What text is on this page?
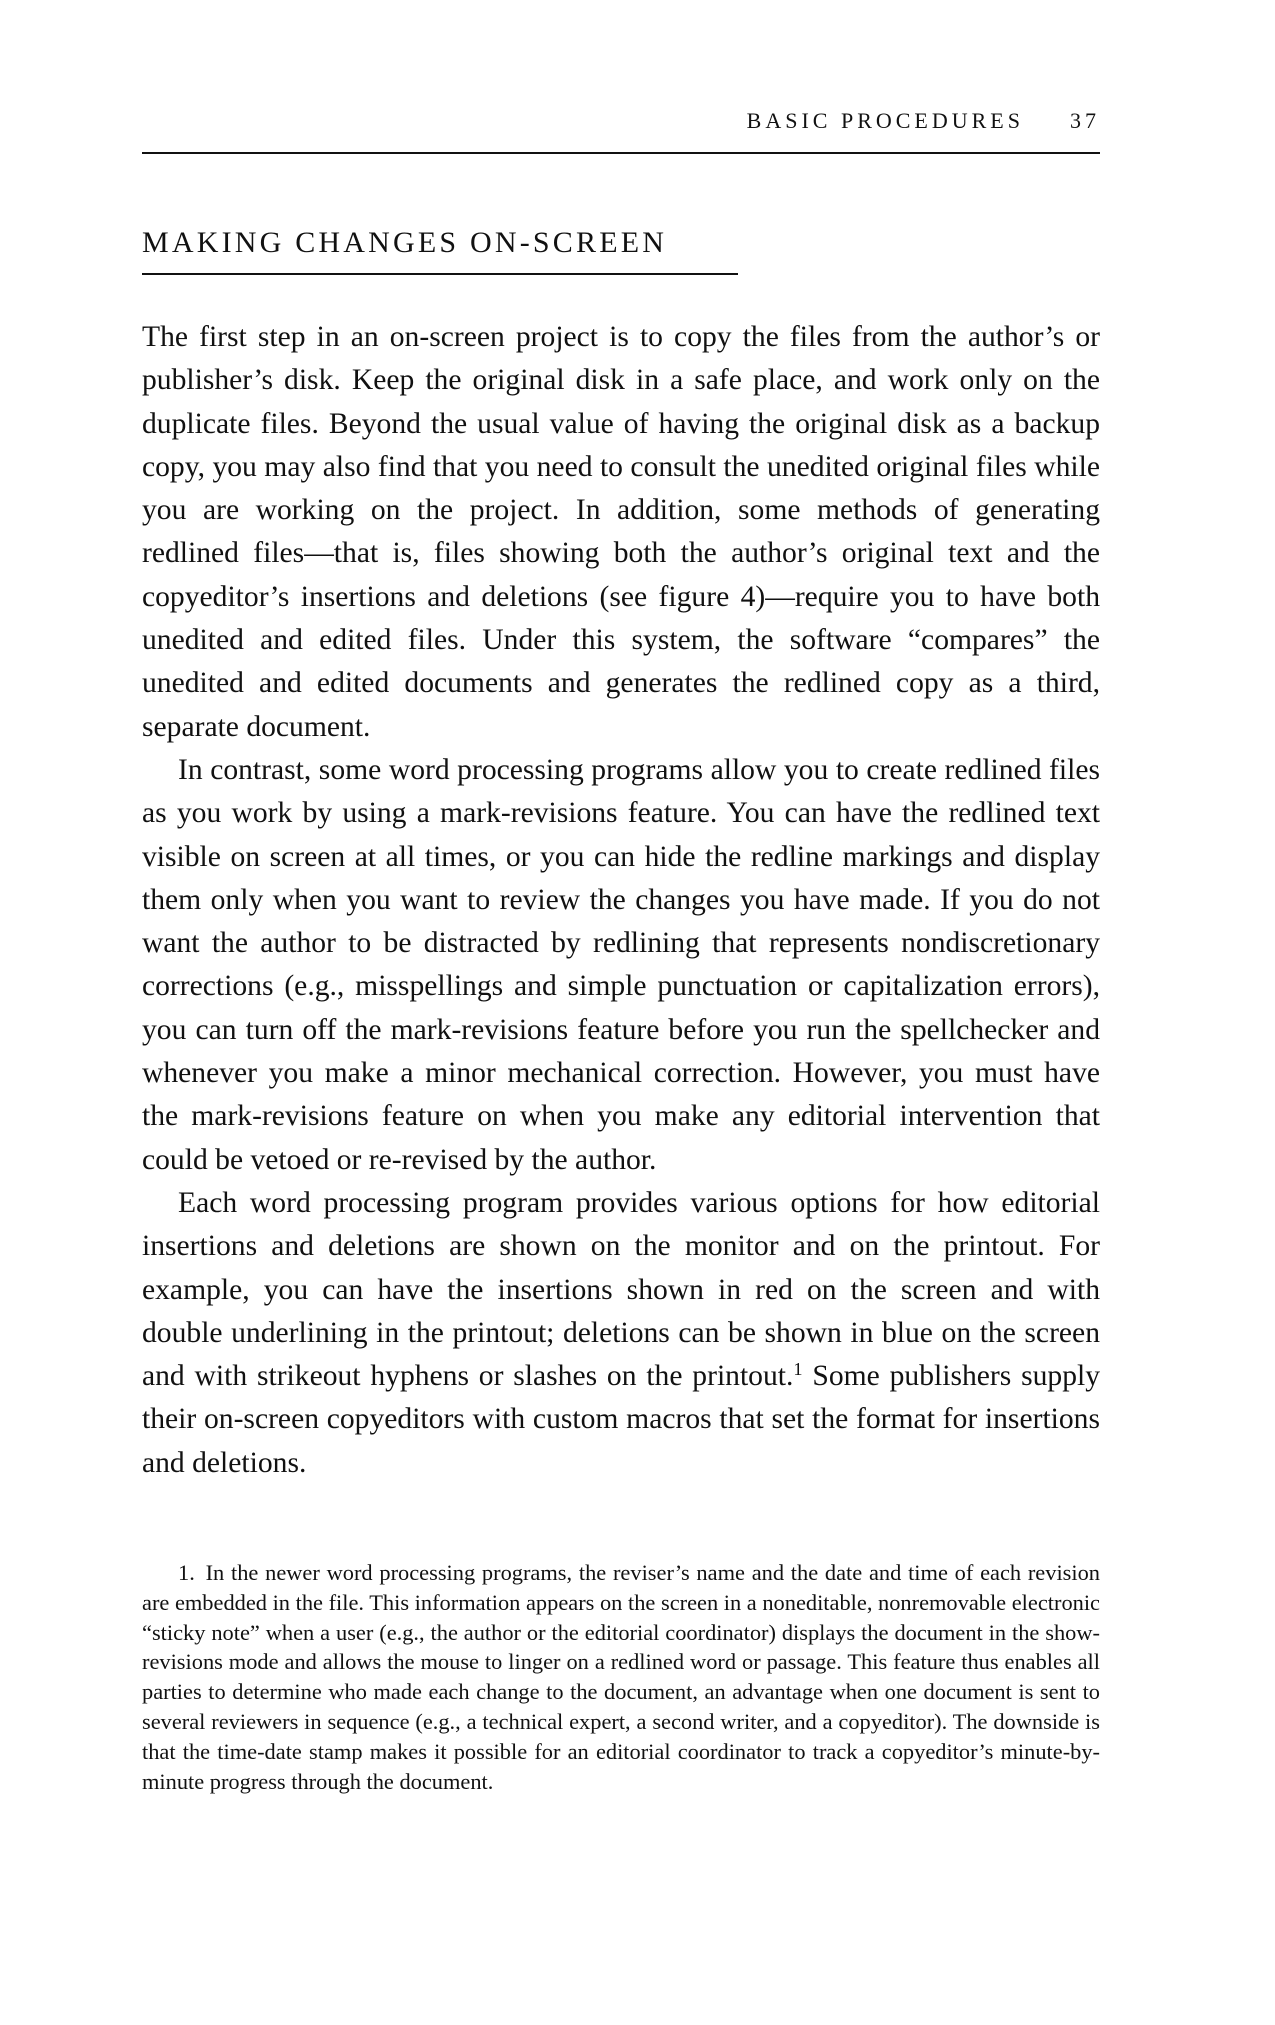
BASIC PROCEDURES 37
MAKING CHANGES ON-SCREEN

The first step in an on-screen project is to copy the files from the author’s or publisher’s disk. Keep the original disk in a safe place, and work only on the duplicate files. Beyond the usual value of having the original disk as a backup copy, you may also find that you need to consult the unedited original files while you are working on the project. In addition, some methods of generating redlined files—that is, files showing both the author’s original text and the copyeditor’s insertions and deletions (see figure 4)—require you to have both unedited and edited files. Under this system, the software “compares” the unedited and edited documents and generates the redlined copy as a third, separate document.

In contrast, some word processing programs allow you to create redlined files as you work by using a mark-revisions feature. You can have the redlined text visible on screen at all times, or you can hide the redline markings and display them only when you want to review the changes you have made. If you do not want the author to be distracted by redlining that represents nondiscretionary corrections (e.g., misspellings and simple punctuation or capitalization errors), you can turn off the mark-revisions feature before you run the spellchecker and whenever you make a minor mechanical correction. However, you must have the mark-revisions feature on when you make any editorial intervention that could be vetoed or re-revised by the author.

Each word processing program provides various options for how editorial insertions and deletions are shown on the monitor and on the printout. For example, you can have the insertions shown in red on the screen and with double underlining in the printout; deletions can be shown in blue on the screen and with strikeout hyphens or slashes on the printout.$^1$ Some publishers supply their on-screen copyeditors with custom macros that set the format for insertions and deletions.

1. In the newer word processing programs, the reviser’s name and the date and time of each revision are embedded in the file. This information appears on the screen in a noneditable, nonremovable electronic “sticky note” when a user (e.g., the author or the editorial coordinator) displays the document in the show-revisions mode and allows the mouse to linger on a redlined word or passage. This feature thus enables all parties to determine who made each change to the document, an advantage when one document is sent to several reviewers in sequence (e.g., a technical expert, a second writer, and a copyeditor). The downside is that the time-date stamp makes it possible for an editorial coordinator to track a copyeditor’s minute-by-minute progress through the document.
